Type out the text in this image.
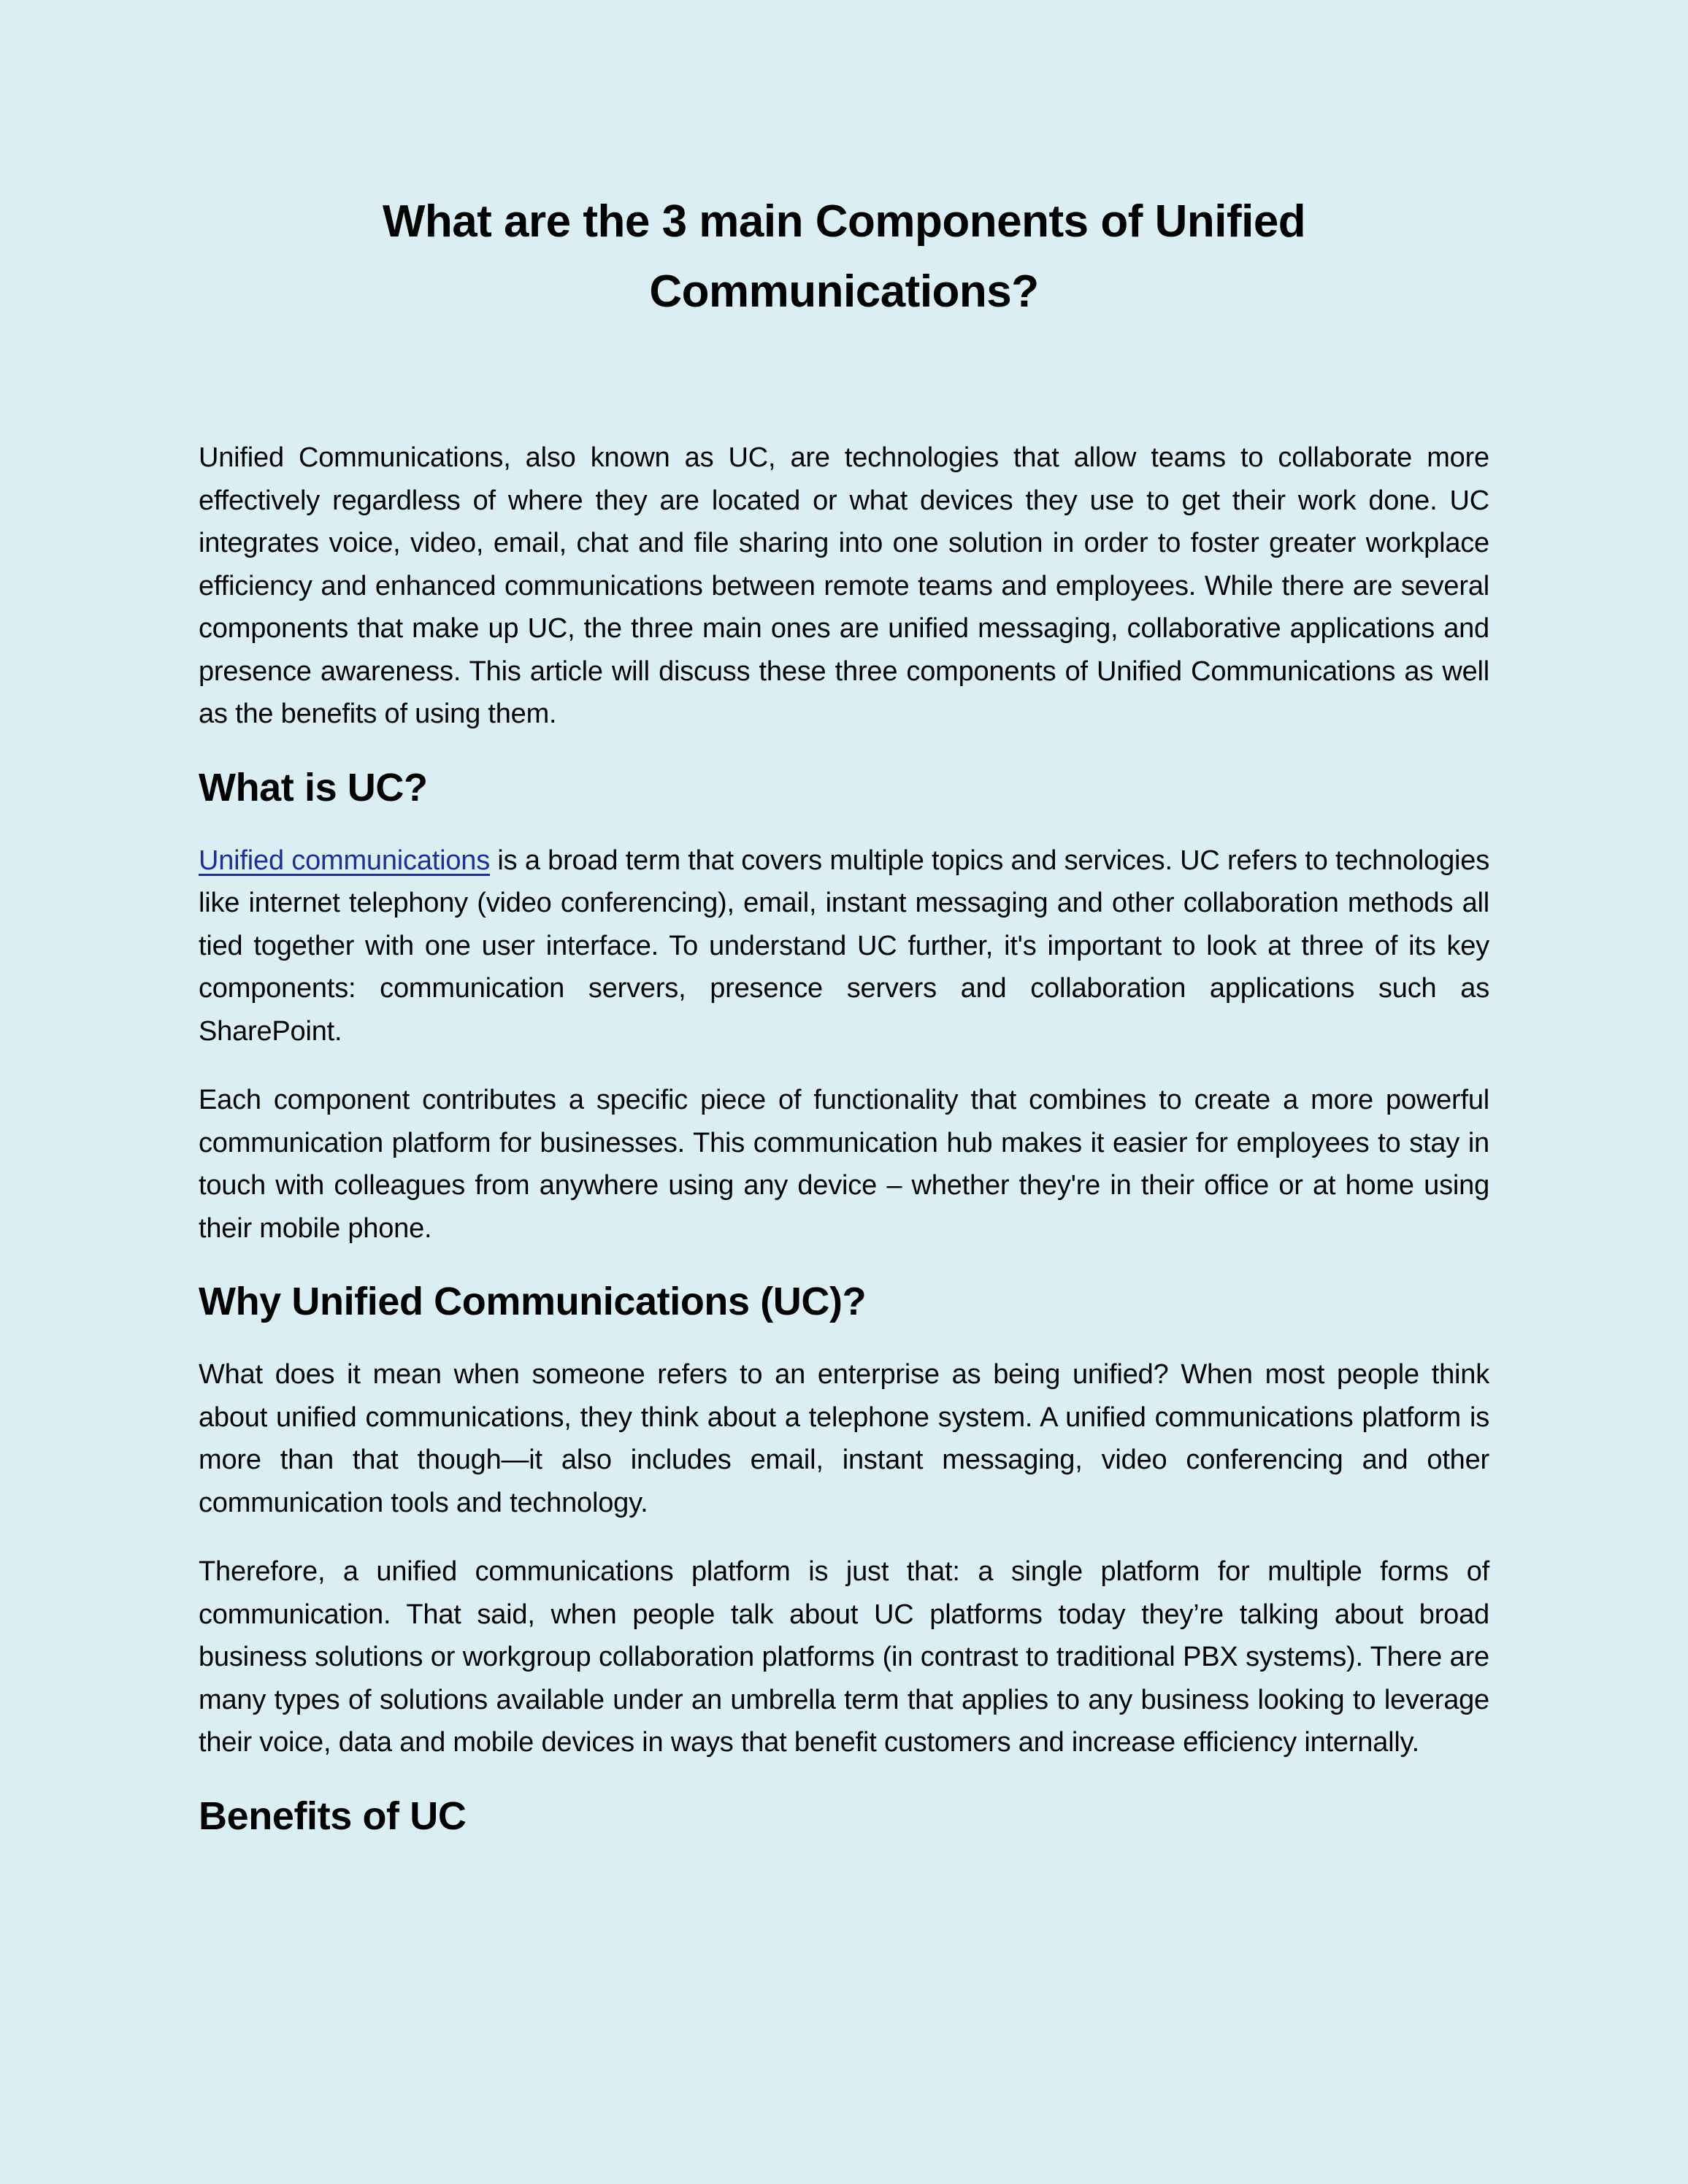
What are the 3 main Components of Unified
Communications?

Unified Communications, also known as UC, are technologies that allow teams to collaborate more effectively regardless of where they are located or what devices they use to get their work done. UC integrates voice, video, email, chat and file sharing into one solution in order to foster greater workplace efficiency and enhanced communications between remote teams and employees. While there are several components that make up UC, the three main ones are unified messaging, collaborative applications and presence awareness. This article will discuss these three components of Unified Communications as well as the benefits of using them.

What is UC?

Unified communications is a broad term that covers multiple topics and services. UC refers to technologies like internet telephony (video conferencing), email, instant messaging and other collaboration methods all tied together with one user interface. To understand UC further, it's important to look at three of its key components: communication servers, presence servers and collaboration applications such as SharePoint.

Each component contributes a specific piece of functionality that combines to create a more powerful communication platform for businesses. This communication hub makes it easier for employees to stay in touch with colleagues from anywhere using any device – whether they're in their office or at home using their mobile phone.

Why Unified Communications (UC)?

What does it mean when someone refers to an enterprise as being unified? When most people think about unified communications, they think about a telephone system. A unified communications platform is more than that though—it also includes email, instant messaging, video conferencing and other communication tools and technology.

Therefore, a unified communications platform is just that: a single platform for multiple forms of communication. That said, when people talk about UC platforms today they’re talking about broad business solutions or workgroup collaboration platforms (in contrast to traditional PBX systems). There are many types of solutions available under an umbrella term that applies to any business looking to leverage their voice, data and mobile devices in ways that benefit customers and increase efficiency internally.

Benefits of UC
